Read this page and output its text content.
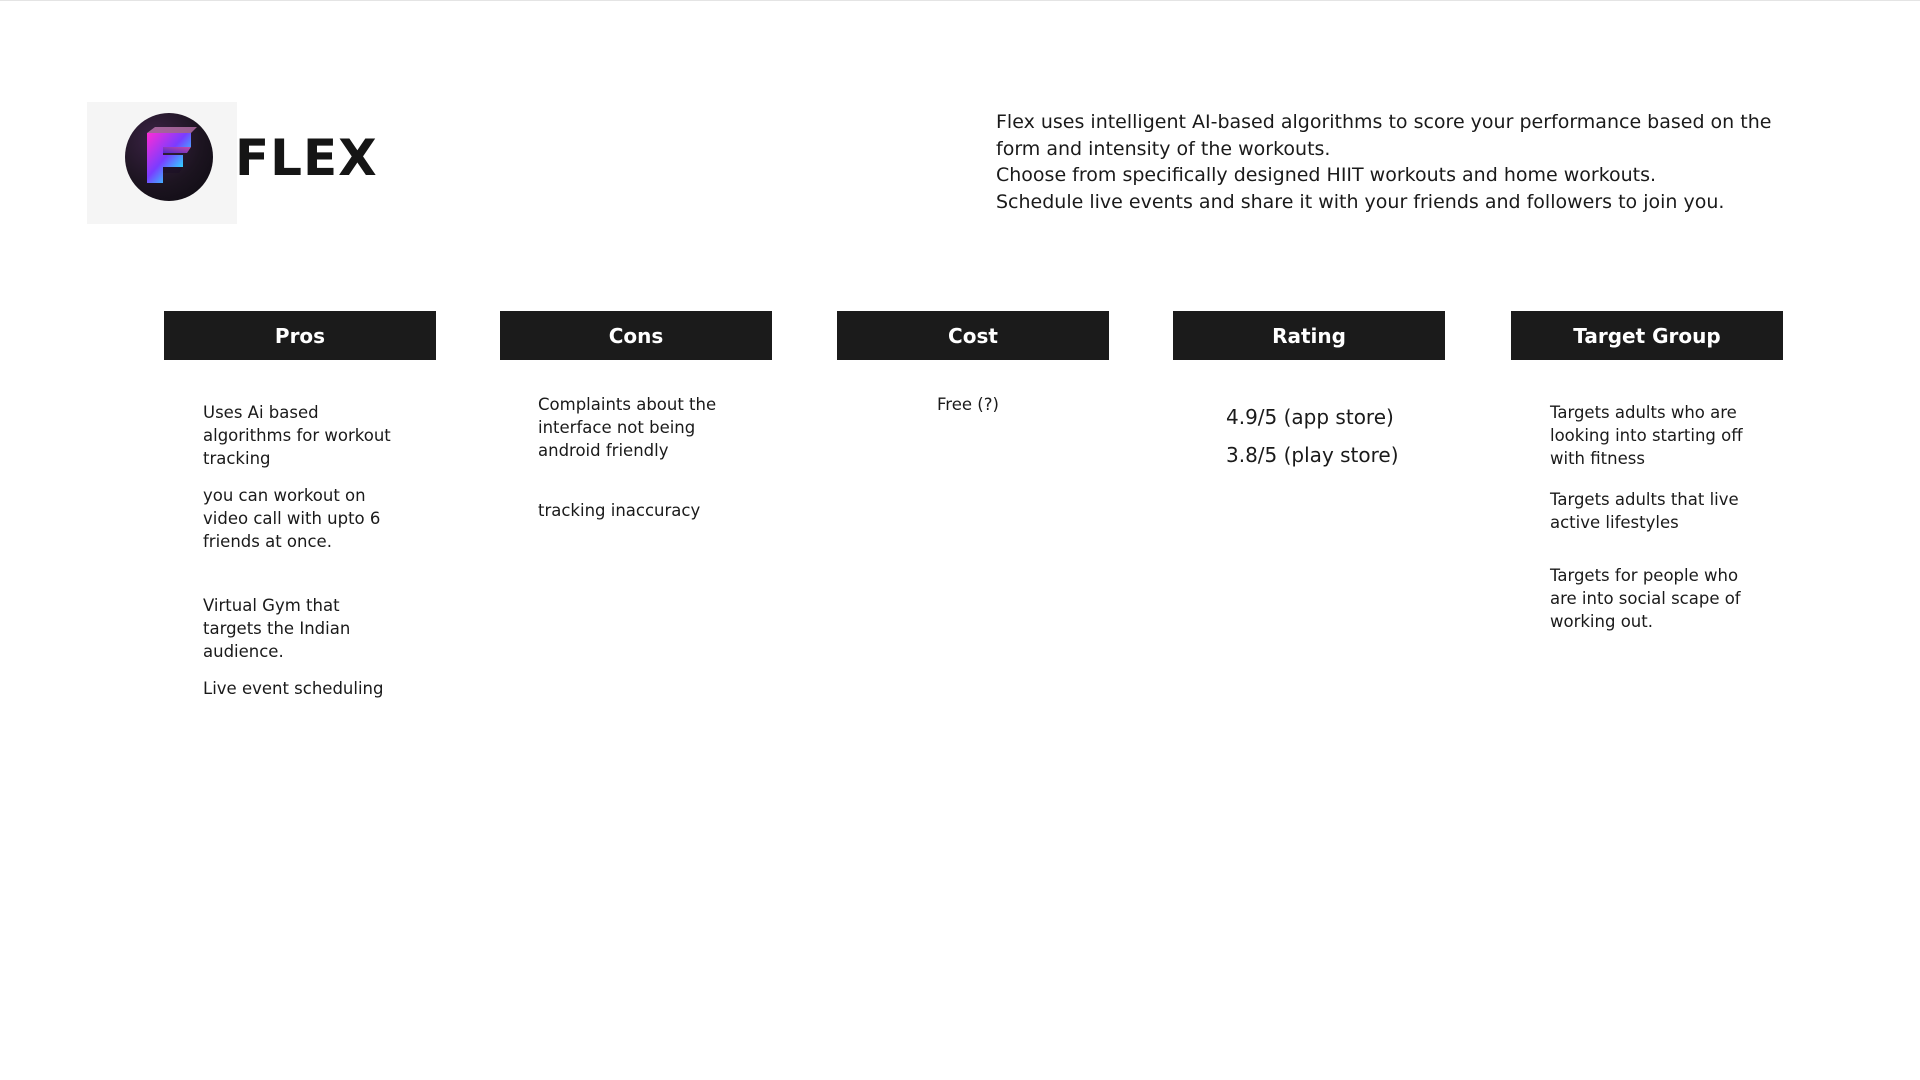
FLEX

Flex uses intelligent AI-based algorithms to score your performance based on the form and intensity of the workouts.

Choose from specifically designed HIIT workouts and home workouts.

Schedule live events and share it with your friends and followers to join you.

Pros
Uses Ai based algorithms for workout tracking
you can workout on video call with upto 6 friends at once.
Virtual Gym that targets the Indian audience.
Live event scheduling
Cons
Complaints about the interface not being android friendly
tracking inaccuracy
Cost
Free (?)
Rating
4.9/5 (app store)
3.8/5 (play store)
Target Group
Targets adults who are looking into starting off with fitness
Targets adults that live active lifestyles
Targets for people who are into social scape of working out.
